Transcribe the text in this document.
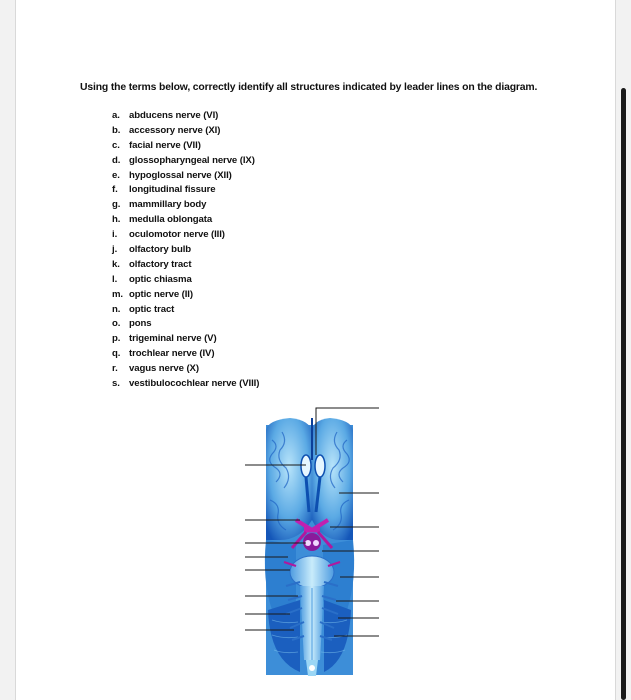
Using the terms below, correctly identify all structures indicated by leader lines on the diagram.
a. abducens nerve (VI)
b. accessory nerve (XI)
c. facial nerve (VII)
d. glossopharyngeal nerve (IX)
e. hypoglossal nerve (XII)
f. longitudinal fissure
g. mammillary body
h. medulla oblongata
i. oculomotor nerve (III)
j. olfactory bulb
k. olfactory tract
l. optic chiasma
m. optic nerve (II)
n. optic tract
o. pons
p. trigeminal nerve (V)
q. trochlear nerve (IV)
r. vagus nerve (X)
s. vestibulocochlear nerve (VIII)
